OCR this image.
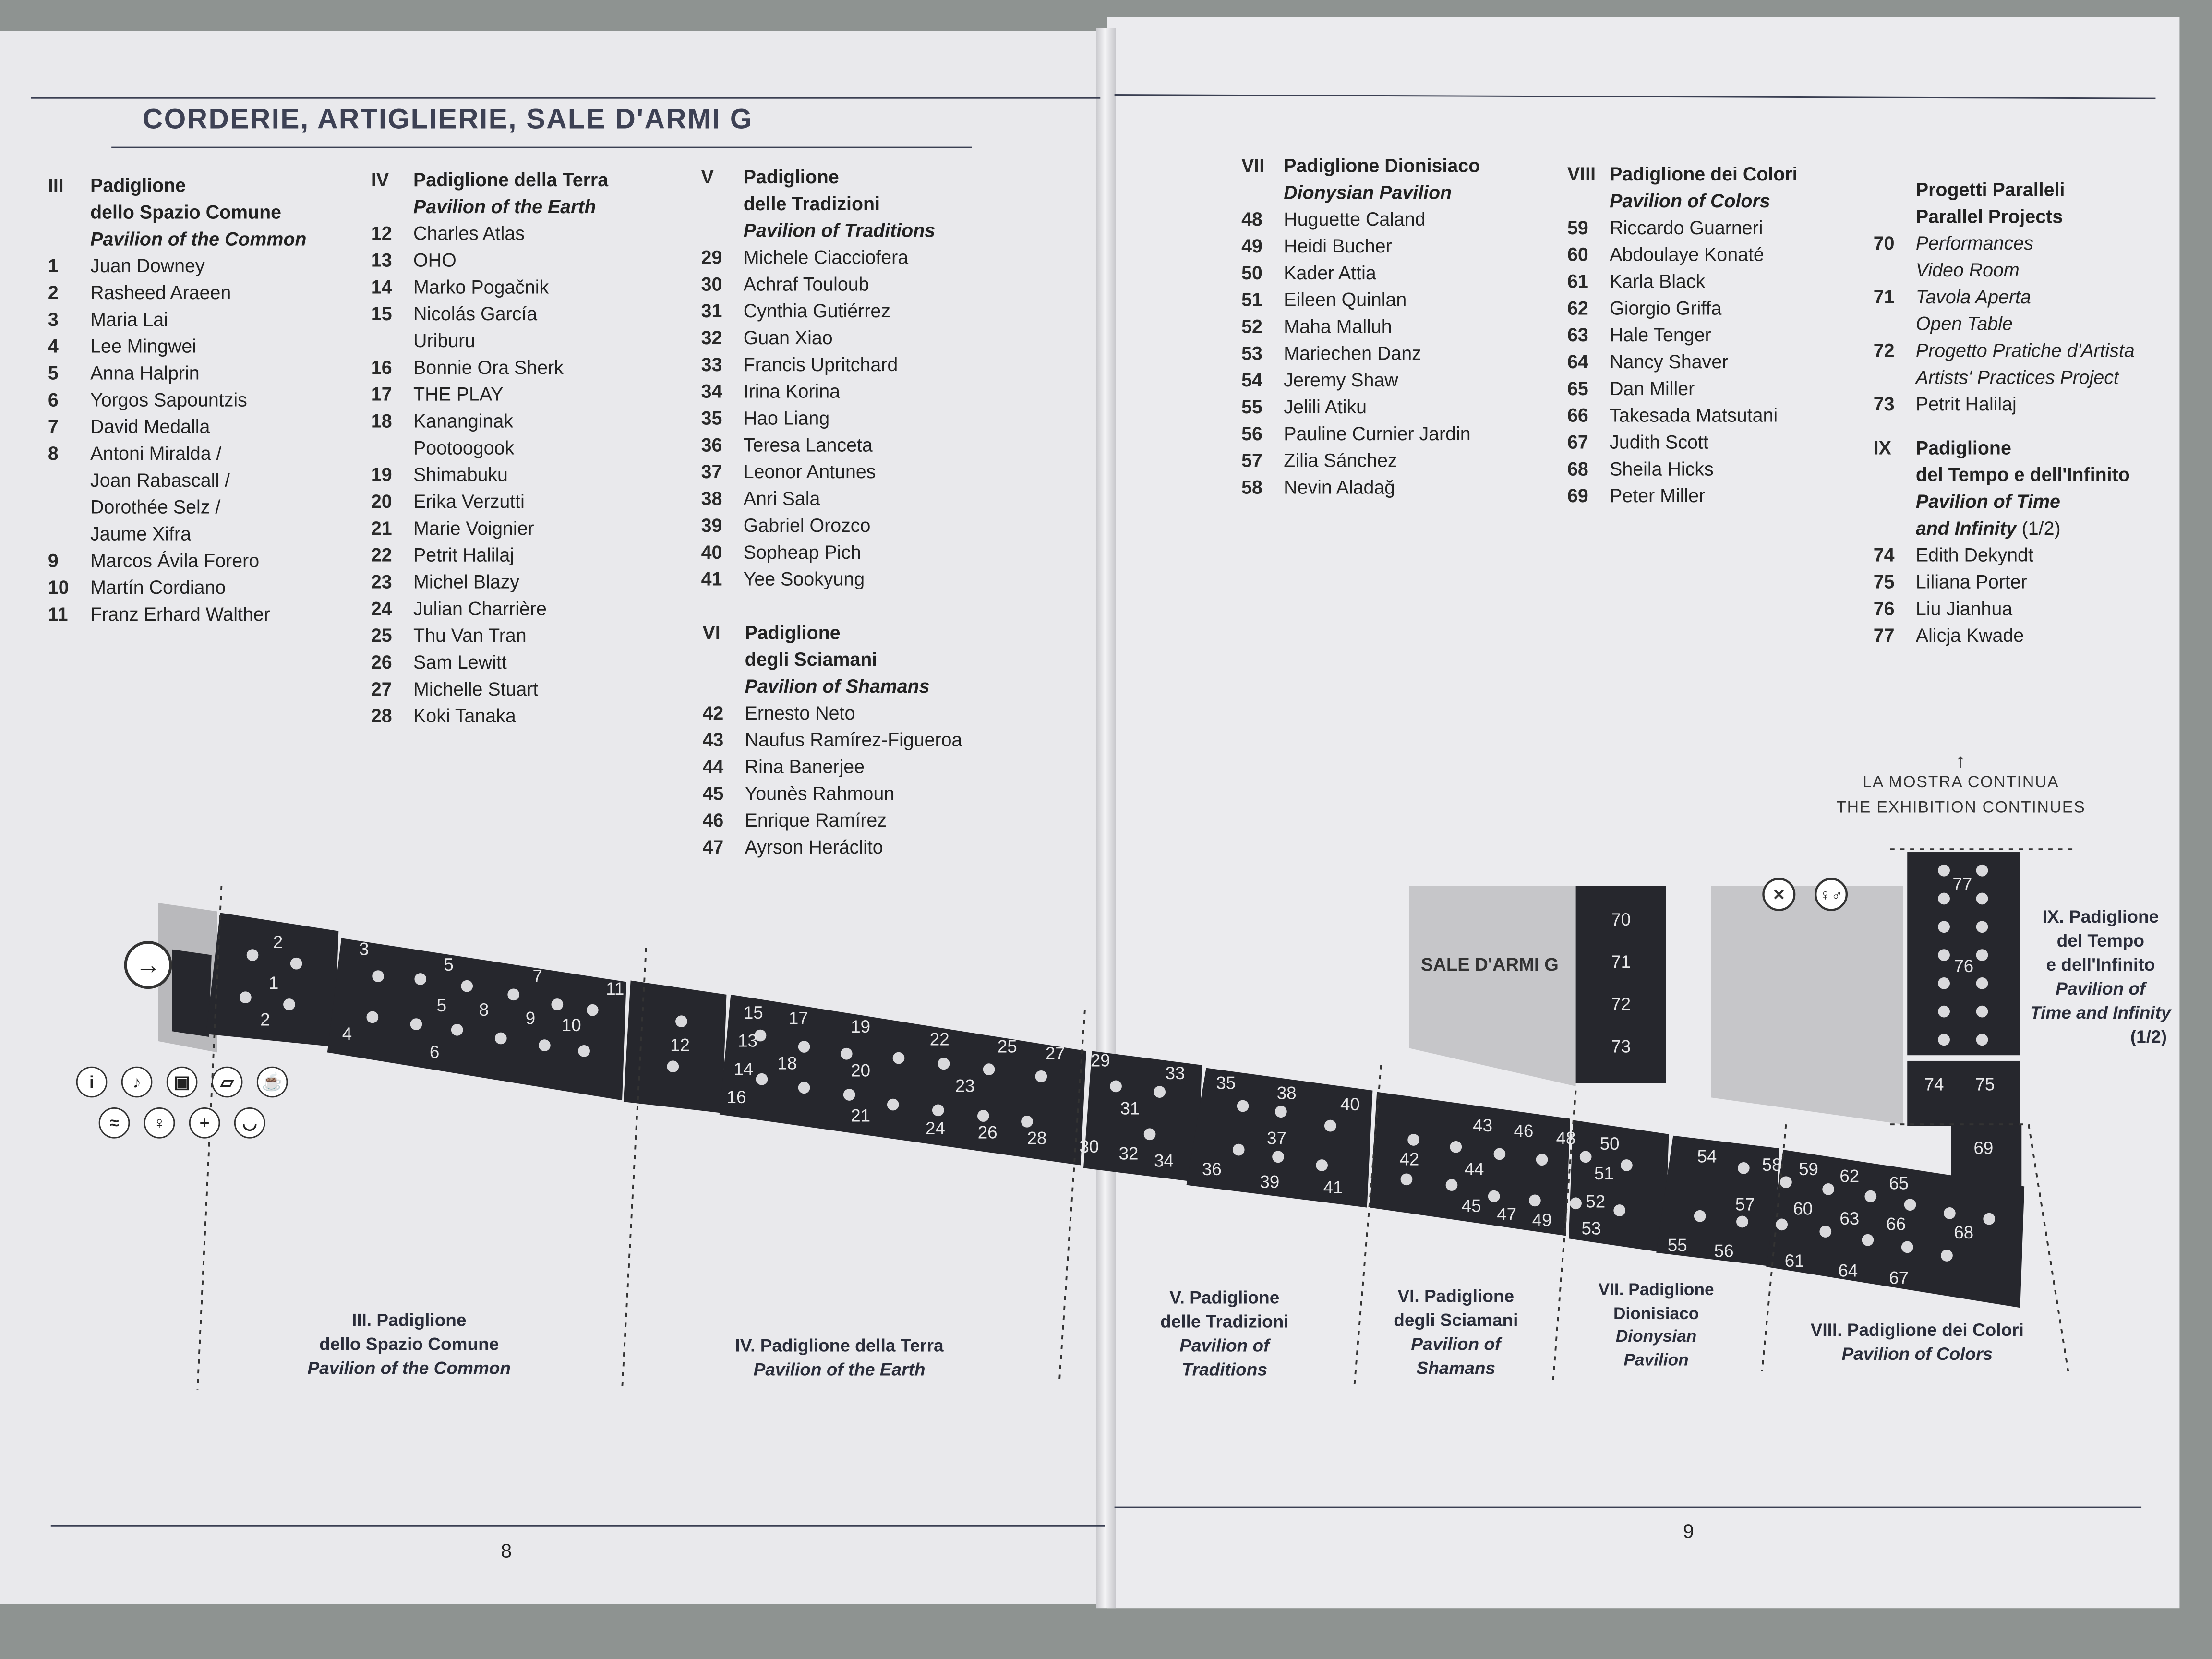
CORDERIE, ARTIGLIERIE, SALE D'ARMI G
8
9
III	Padiglione
dello Spazio Comune
Pavilion of the Common
1	Juan Downey
2	Rasheed Araeen
3	Maria Lai
4	Lee Mingwei
5	Anna Halprin
6	Yorgos Sapountzis
7	David Medalla
8	Antoni Miralda /
Joan Rabascall /
Dorothée Selz /
Jaume Xifra
9	Marcos Ávila Forero
10	Martín Cordiano
11	Franz Erhard Walther
IV	Padiglione della Terra
Pavilion of the Earth
12	Charles Atlas
13	OHO
14	Marko Pogačnik
15	Nicolás García
Uriburu
16	Bonnie Ora Sherk
17	THE PLAY
18	Kananginak
Pootoogook
19	Shimabuku
20	Erika Verzutti
21	Marie Voignier
22	Petrit Halilaj
23	Michel Blazy
24	Julian Charrière
25	Thu Van Tran
26	Sam Lewitt
27	Michelle Stuart
28	Koki Tanaka
V	Padiglione
delle Tradizioni
Pavilion of Traditions
29	Michele Ciacciofera
30	Achraf Touloub
31	Cynthia Gutiérrez
32	Guan Xiao
33	Francis Upritchard
34	Irina Korina
35	Hao Liang
36	Teresa Lanceta
37	Leonor Antunes
38	Anri Sala
39	Gabriel Orozco
40	Sopheap Pich
41	Yee Sookyung
VI	Padiglione
degli Sciamani
Pavilion of Shamans
42	Ernesto Neto
43	Naufus Ramírez-Figueroa
44	Rina Banerjee
45	Younès Rahmoun
46	Enrique Ramírez
47	Ayrson Heráclito
VII	Padiglione Dionisiaco
Dionysian Pavilion
48	Huguette Caland
49	Heidi Bucher
50	Kader Attia
51	Eileen Quinlan
52	Maha Malluh
53	Mariechen Danz
54	Jeremy Shaw
55	Jelili Atiku
56	Pauline Curnier Jardin
57	Zilia Sánchez
58	Nevin Aladağ
VIII	Padiglione dei Colori
Pavilion of Colors
59	Riccardo Guarneri
60	Abdoulaye Konaté
61	Karla Black
62	Giorgio Griffa
63	Hale Tenger
64	Nancy Shaver
65	Dan Miller
66	Takesada Matsutani
67	Judith Scott
68	Sheila Hicks
69	Peter Miller
Progetti Paralleli
Parallel Projects
70	Performances
Video Room
71	Tavola Aperta
Open Table
72	Progetto Pratiche d'Artista
Artists' Practices Project
73	Petrit Halilaj
IX	Padiglione
del Tempo e dell'Infinito
Pavilion of Time
and Infinity (1/2)
74	Edith Dekyndt
75	Liliana Porter
76	Liu Jianhua
77	Alicja Kwade
↑
LA MOSTRA CONTINUA
THE EXHIBITION CONTINUES
1
2
2
3
4
5
5
6
7
8	9	10
11
12	13
14
15
16
17
18
19
20
21
22
23
24
25
26
27
28
29
30
31
32
33
34
35
36
37
38
39
40
41
42
43
44
45
46
47
48
49
50
51
52
53
54
55	56
57
58	59
60
61
62
63
64
65
66
67
68
69
70
71
72
73
74	75
76
77
✕	♀♂
SALE D'ARMI G
→
i	♪	▣	▱	☕
≈	♀	+	◡
III. Padiglione
dello Spazio Comune
Pavilion of the Common
IV. Padiglione della Terra
Pavilion of the Earth
V. Padiglione
delle Tradizioni
Pavilion of
Traditions
VI. Padiglione
degli Sciamani
Pavilion of
Shamans
VII. Padiglione
Dionisiaco
Dionysian
Pavilion
VIII. Padiglione dei Colori
Pavilion of Colors
IX. Padiglione
del Tempo
e dell'Infinito
Pavilion of
Time and Infinity
(1/2)
